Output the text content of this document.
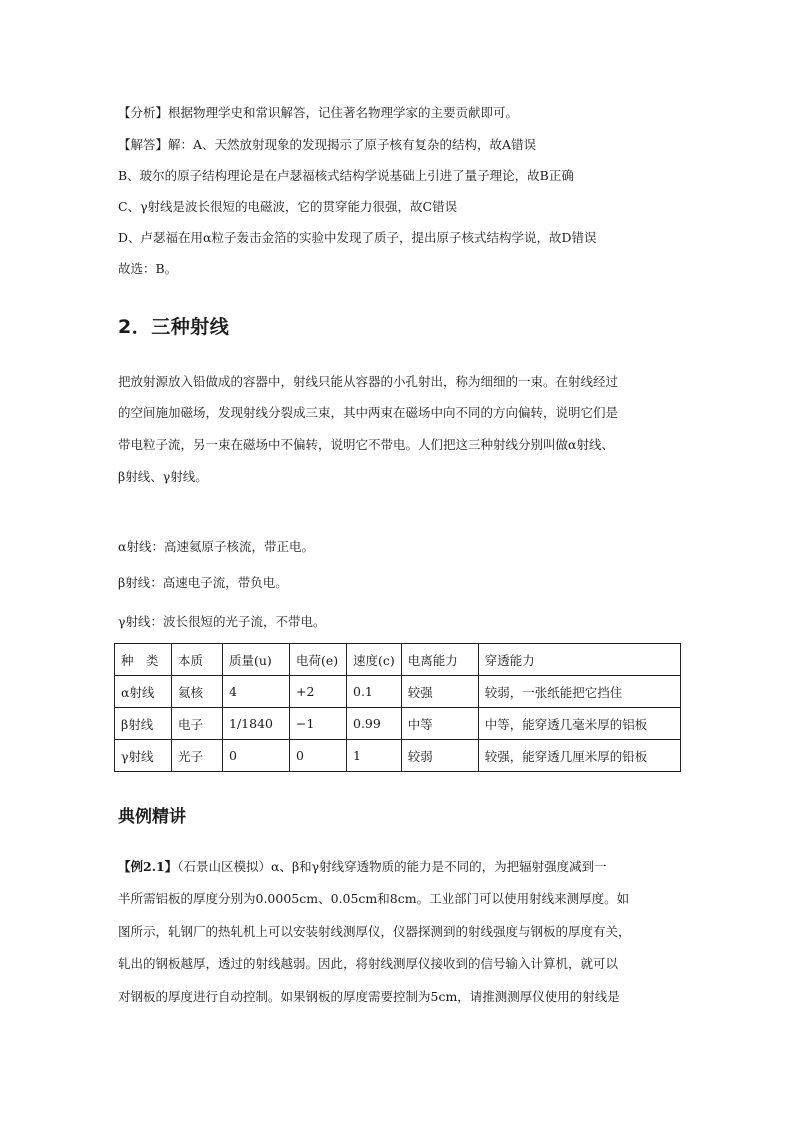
【分析】根据物理学史和常识解答，记住著名物理学家的主要贡献即可。
【解答】解：A、天然放射现象的发现揭示了原子核有复杂的结构，故A错误
B、玻尔的原子结构理论是在卢瑟福核式结构学说基础上引进了量子理论，故B正确
C、γ射线是波长很短的电磁波，它的贯穿能力很强，故C错误
D、卢瑟福在用α粒子轰击金箔的实验中发现了质子，提出原子核式结构学说，故D错误
故选：B。
2．三种射线
把放射源放入铅做成的容器中，射线只能从容器的小孔射出，称为细细的一束。在射线经过
的空间施加磁场，发现射线分裂成三束，其中两束在磁场中向不同的方向偏转，说明它们是
带电粒子流，另一束在磁场中不偏转，说明它不带电。人们把这三种射线分别叫做α射线、
β射线、γ射线。
α射线：高速氦原子核流，带正电。
β射线：高速电子流，带负电。
γ射线：波长很短的光子流，不带电。
种　类	本质	质量(u)	电荷(e)	速度(c)	电离能力	穿透能力
α射线	氦核	4	+2	0.1	较强	较弱，一张纸能把它挡住
β射线	电子	1/1840	−1	0.99	中等	中等，能穿透几毫米厚的铝板
γ射线	光子	0	0	1	较弱	较强，能穿透几厘米厚的铅板
典例精讲
【例2.1】（石景山区模拟）α、β和γ射线穿透物质的能力是不同的，为把辐射强度减到一
半所需铝板的厚度分别为0.0005cm、0.05cm和8cm。工业部门可以使用射线来测厚度。如
图所示，轧钢厂的热轧机上可以安装射线测厚仪，仪器探测到的射线强度与钢板的厚度有关，
轧出的钢板越厚，透过的射线越弱。因此，将射线测厚仪接收到的信号输入计算机，就可以
对钢板的厚度进行自动控制。如果钢板的厚度需要控制为5cm，请推测测厚仪使用的射线是
